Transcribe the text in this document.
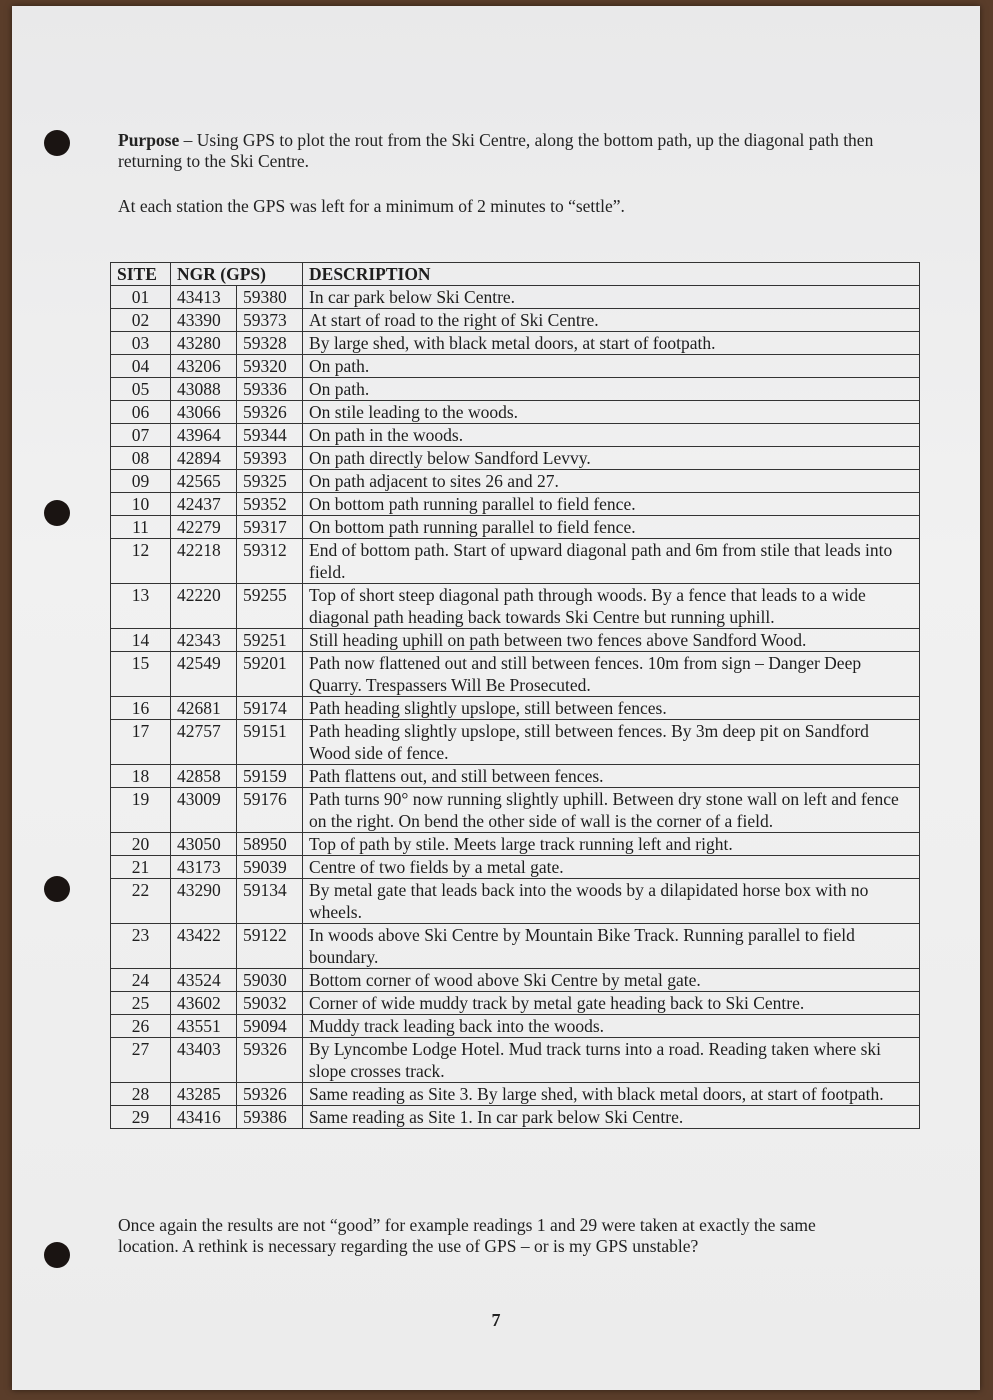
Purpose – Using GPS to plot the rout from the Ski Centre, along the bottom path, up the diagonal path then returning to the Ski Centre.

At each station the GPS was left for a minimum of 2 minutes to “settle”.

SITE	NGR (GPS)		DESCRIPTION
01	43413	59380	In car park below Ski Centre.
02	43390	59373	At start of road to the right of Ski Centre.
03	43280	59328	By large shed, with black metal doors, at start of footpath.
04	43206	59320	On path.
05	43088	59336	On path.
06	43066	59326	On stile leading to the woods.
07	43964	59344	On path in the woods.
08	42894	59393	On path directly below Sandford Levvy.
09	42565	59325	On path adjacent to sites 26 and 27.
10	42437	59352	On bottom path running parallel to field fence.
11	42279	59317	On bottom path running parallel to field fence.
12	42218	59312	End of bottom path. Start of upward diagonal path and 6m from stile that leads into field.
13	42220	59255	Top of short steep diagonal path through woods. By a fence that leads to a wide diagonal path heading back towards Ski Centre but running uphill.
14	42343	59251	Still heading uphill on path between two fences above Sandford Wood.
15	42549	59201	Path now flattened out and still between fences. 10m from sign – Danger Deep Quarry. Trespassers Will Be Prosecuted.
16	42681	59174	Path heading slightly upslope, still between fences.
17	42757	59151	Path heading slightly upslope, still between fences. By 3m deep pit on Sandford Wood side of fence.
18	42858	59159	Path flattens out, and still between fences.
19	43009	59176	Path turns 90° now running slightly uphill. Between dry stone wall on left and fence on the right. On bend the other side of wall is the corner of a field.
20	43050	58950	Top of path by stile. Meets large track running left and right.
21	43173	59039	Centre of two fields by a metal gate.
22	43290	59134	By metal gate that leads back into the woods by a dilapidated horse box with no wheels.
23	43422	59122	In woods above Ski Centre by Mountain Bike Track. Running parallel to field boundary.
24	43524	59030	Bottom corner of wood above Ski Centre by metal gate.
25	43602	59032	Corner of wide muddy track by metal gate heading back to Ski Centre.
26	43551	59094	Muddy track leading back into the woods.
27	43403	59326	By Lyncombe Lodge Hotel. Mud track turns into a road. Reading taken where ski slope crosses track.
28	43285	59326	Same reading as Site 3. By large shed, with black metal doors, at start of footpath.
29	43416	59386	Same reading as Site 1. In car park below Ski Centre.

Once again the results are not “good” for example readings 1 and 29 were taken at exactly the same location. A rethink is necessary regarding the use of GPS – or is my GPS unstable?

7
